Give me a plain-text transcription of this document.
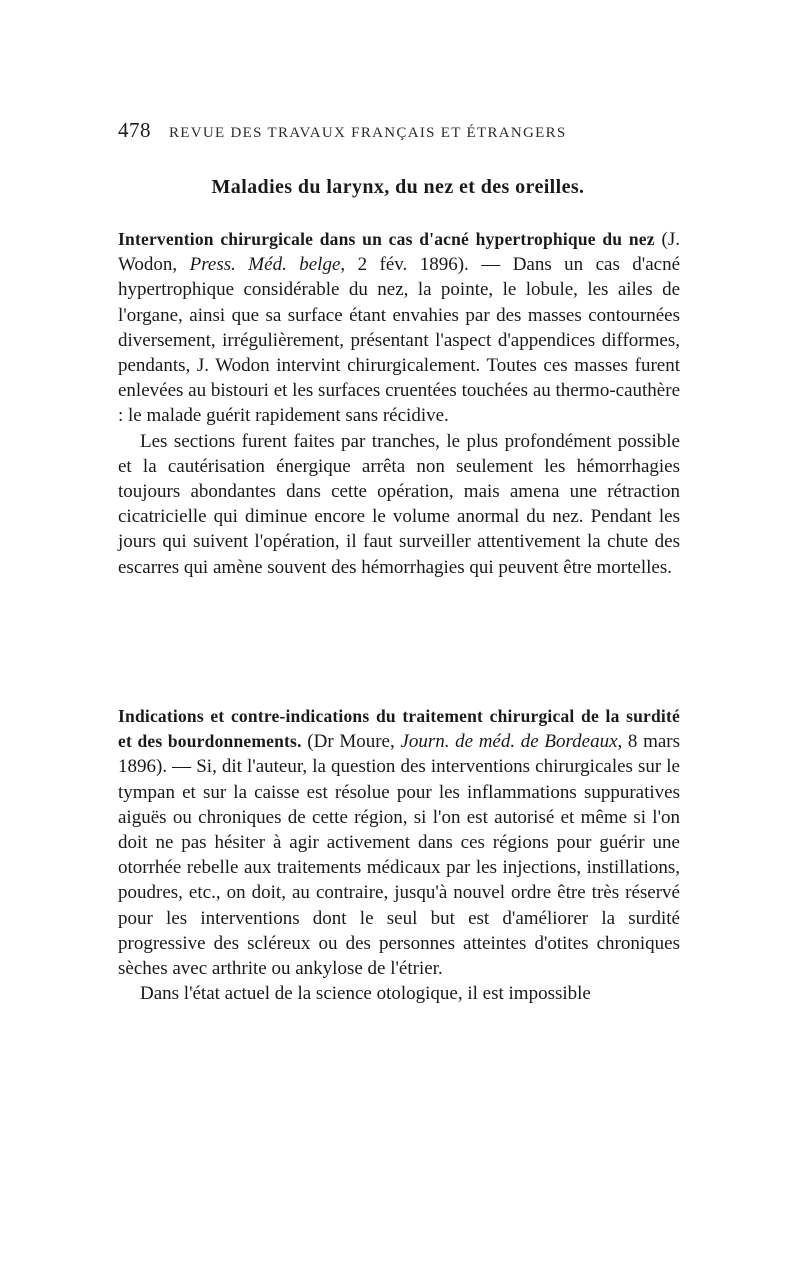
478 REVUE DES TRAVAUX FRANÇAIS ET ÉTRANGERS
Maladies du larynx, du nez et des oreilles.

Intervention chirurgicale dans un cas d'acné hypertrophique du nez (J. Wodon, Press. Méd. belge, 2 fév. 1896). — Dans un cas d'acné hypertrophique considérable du nez, la pointe, le lobule, les ailes de l'organe, ainsi que sa surface étant envahies par des masses contournées diversement, irrégulièrement, présentant l'aspect d'appendices difformes, pendants, J. Wodon intervint chirurgicalement. Toutes ces masses furent enlevées au bistouri et les surfaces cruentées touchées au thermo-cauthère : le malade guérit rapidement sans récidive.

Les sections furent faites par tranches, le plus profondément possible et la cautérisation énergique arrêta non seulement les hémorrhagies toujours abondantes dans cette opération, mais amena une rétraction cicatricielle qui diminue encore le volume anormal du nez. Pendant les jours qui suivent l'opération, il faut surveiller attentivement la chute des escarres qui amène souvent des hémorrhagies qui peuvent être mortelles.

Indications et contre-indications du traitement chirurgical de la surdité et des bourdonnements. (Dr Moure, Journ. de méd. de Bordeaux, 8 mars 1896). — Si, dit l'auteur, la question des interventions chirurgicales sur le tympan et sur la caisse est résolue pour les inflammations suppuratives aiguës ou chroniques de cette région, si l'on est autorisé et même si l'on doit ne pas hésiter à agir activement dans ces régions pour guérir une otorrhée rebelle aux traitements médicaux par les injections, instillations, poudres, etc., on doit, au contraire, jusqu'à nouvel ordre être très réservé pour les interventions dont le seul but est d'améliorer la surdité progressive des scléreux ou des personnes atteintes d'otites chroniques sèches avec arthrite ou ankylose de l'étrier.

Dans l'état actuel de la science otologique, il est impossible
